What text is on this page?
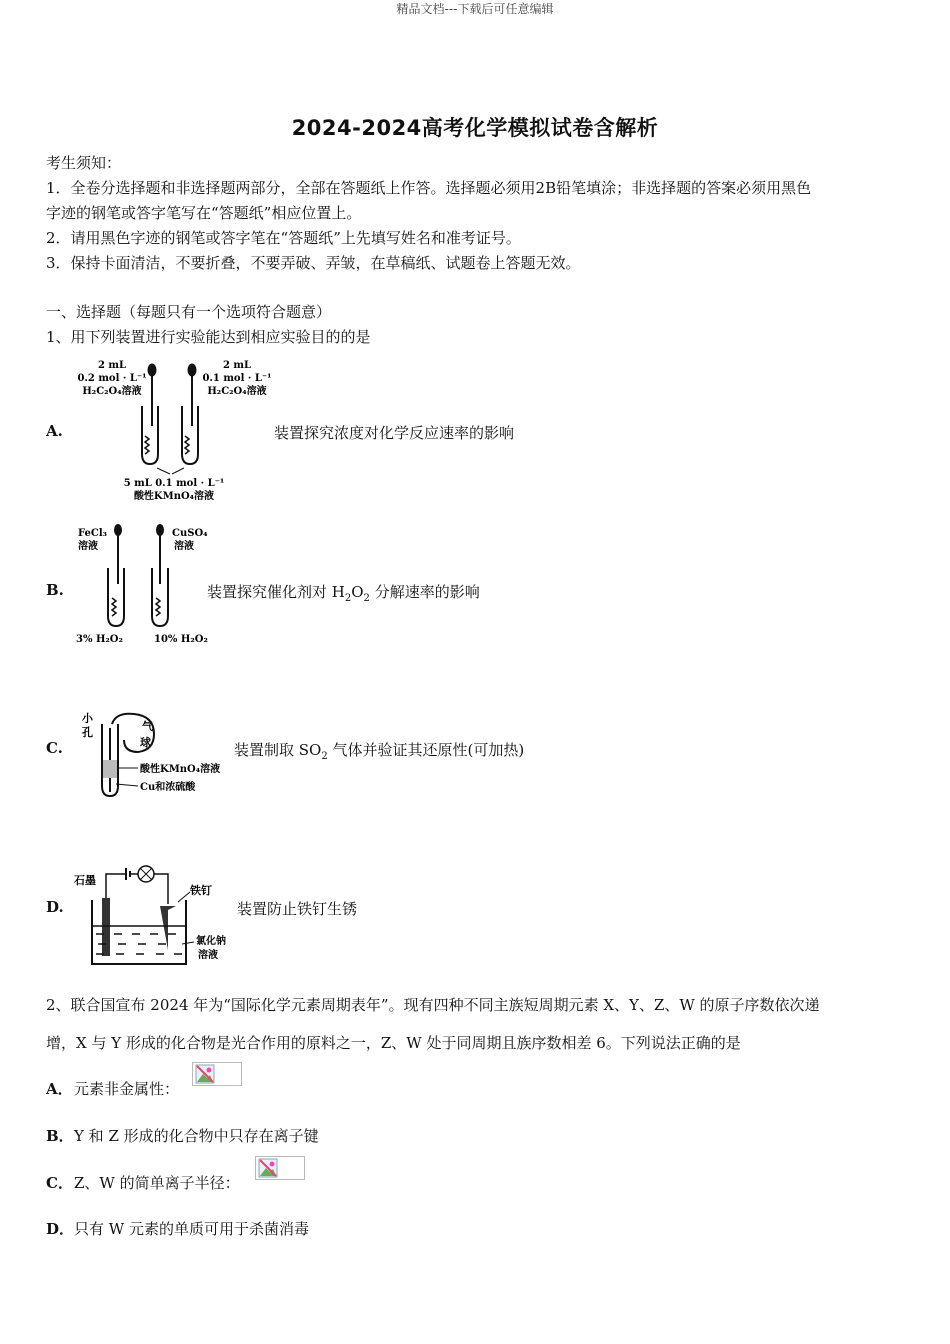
精品文档---下载后可任意编辑
2024-2024高考化学模拟试卷含解析
考生须知：
1．全卷分选择题和非选择题两部分，全部在答题纸上作答。选择题必须用2B铅笔填涂；非选择题的答案必须用黑色
字迹的钢笔或答字笔写在“答题纸”相应位置上。
2．请用黑色字迹的钢笔或答字笔在“答题纸”上先填写姓名和准考证号。
3．保持卡面清洁，不要折叠，不要弄破、弄皱，在草稿纸、试题卷上答题无效。
一、选择题（每题只有一个选项符合题意）
1、用下列装置进行实验能达到相应实验目的的是
A.	装置探究浓度对化学反应速率的影响
2 mL
0.2 mol · L⁻¹
H₂C₂O₄溶液
2 mL
0.1 mol · L⁻¹
H₂C₂O₄溶液
5 mL 0.1 mol · L⁻¹
酸性KMnO₄溶液
B.	装置探究催化剂对 $H_2O_2$ 分解速率的影响
FeCl₃
溶液
CuSO₄
溶液
3% H₂O₂	10% H₂O₂
C.	装置制取 $SO_2$ 气体并验证其还原性(可加热)
小
孔	气
球
酸性KMnO₄溶液
Cu和浓硫酸
D.	装置防止铁钉生锈
石墨
铁钉
氯化钠
溶液
2、联合国宣布 2024 年为“国际化学元素周期表年”。现有四种不同主族短周期元素 X、Y、Z、W 的原子序数依次递
增，X 与 Y 形成的化合物是光合作用的原料之一，Z、W 处于同周期且族序数相差 6。下列说法正确的是
A． 元素非金属性：
B． Y 和 Z 形成的化合物中只存在离子键
C． Z、W 的简单离子半径：
D． 只有 W 元素的单质可用于杀菌消毒
